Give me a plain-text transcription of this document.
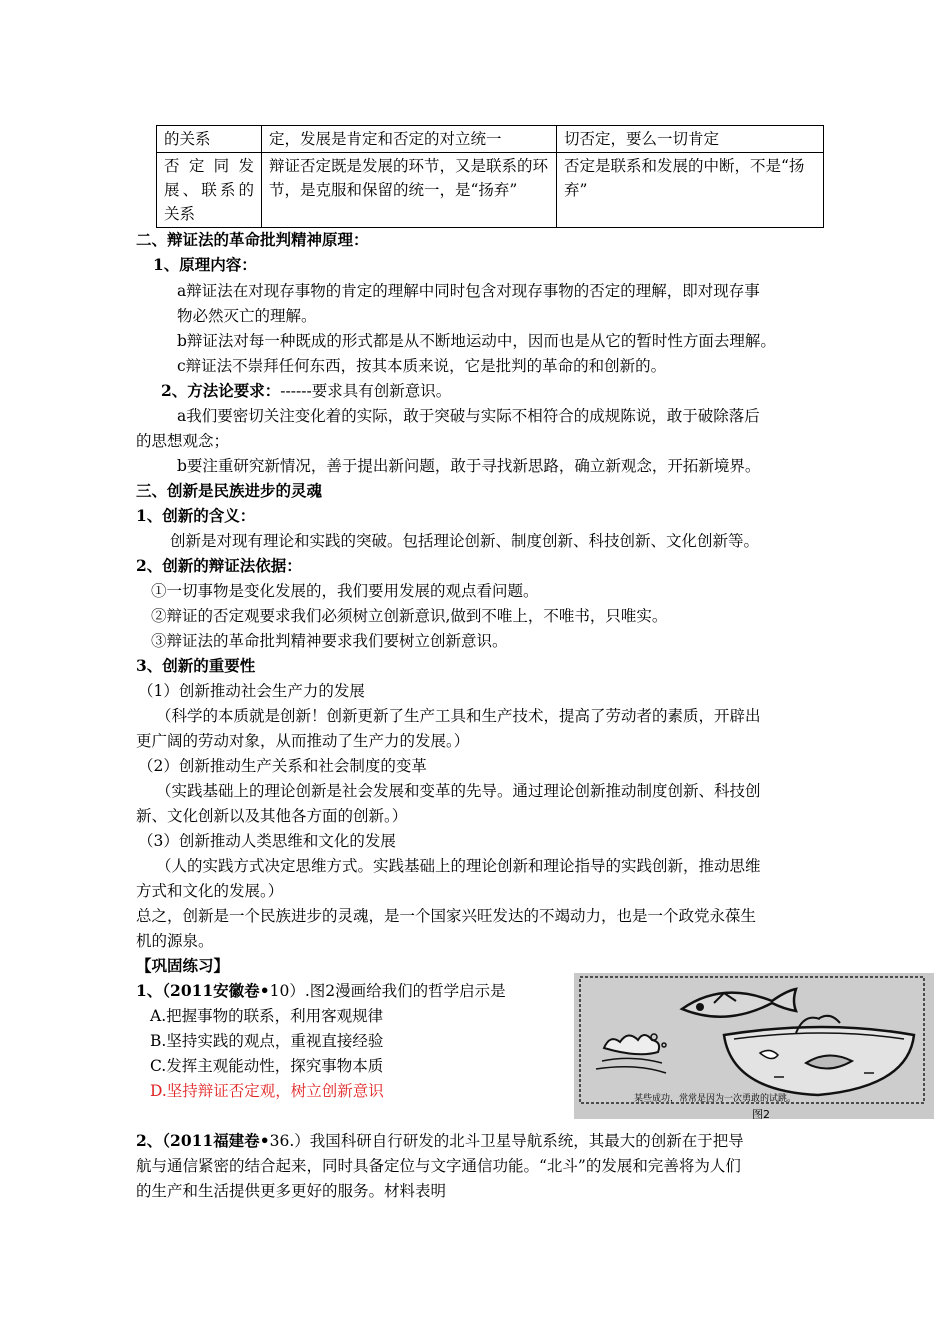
的关系	定，发展是肯定和否定的对立统一	切否定，要么一切肯定
否 定 同 发 展、联系的关系	辩证否定既是发展的环节，又是联系的环节，是克服和保留的统一，是“扬弃”	否定是联系和发展的中断，不是“扬弃”
二、辩证法的革命批判精神原理：
1、原理内容：
a辩证法在对现存事物的肯定的理解中同时包含对现存事物的否定的理解，即对现存事
物必然灭亡的理解。
b辩证法对每一种既成的形式都是从不断地运动中，因而也是从它的暂时性方面去理解。
c辩证法不崇拜任何东西，按其本质来说，它是批判的革命的和创新的。
2、方法论要求：------要求具有创新意识。
a我们要密切关注变化着的实际，敢于突破与实际不相符合的成规陈说，敢于破除落后
的思想观念；
b要注重研究新情况，善于提出新问题，敢于寻找新思路，确立新观念，开拓新境界。
三、创新是民族进步的灵魂
1、创新的含义：
创新是对现有理论和实践的突破。包括理论创新、制度创新、科技创新、文化创新等。
2、创新的辩证法依据：
①一切事物是变化发展的，我们要用发展的观点看问题。
②辩证的否定观要求我们必须树立创新意识,做到不唯上，不唯书，只唯实。
③辩证法的革命批判精神要求我们要树立创新意识。
3、创新的重要性
（1）创新推动社会生产力的发展
（科学的本质就是创新！创新更新了生产工具和生产技术，提高了劳动者的素质，开辟出
更广阔的劳动对象，从而推动了生产力的发展。）
（2）创新推动生产关系和社会制度的变革
（实践基础上的理论创新是社会发展和变革的先导。通过理论创新推动制度创新、科技创
新、文化创新以及其他各方面的创新。）
（3）创新推动人类思维和文化的发展
（人的实践方式决定思维方式。实践基础上的理论创新和理论指导的实践创新，推动思维
方式和文化的发展。）
总之，创新是一个民族进步的灵魂，是一个国家兴旺发达的不竭动力，也是一个政党永葆生
机的源泉。
【巩固练习】
1、（2011安徽卷•10）.图2漫画给我们的哲学启示是
A.把握事物的联系，利用客观规律
B.坚持实践的观点，重视直接经验
C.发挥主观能动性，探究事物本质
D.坚持辩证否定观，树立创新意识	某些成功，常常是因为一次勇敢的试跳。
图2
2、（2011福建卷•36.）我国科研自行研发的北斗卫星导航系统，其最大的创新在于把导
航与通信紧密的结合起来，同时具备定位与文字通信功能。“北斗”的发展和完善将为人们
的生产和生活提供更多更好的服务。材料表明
